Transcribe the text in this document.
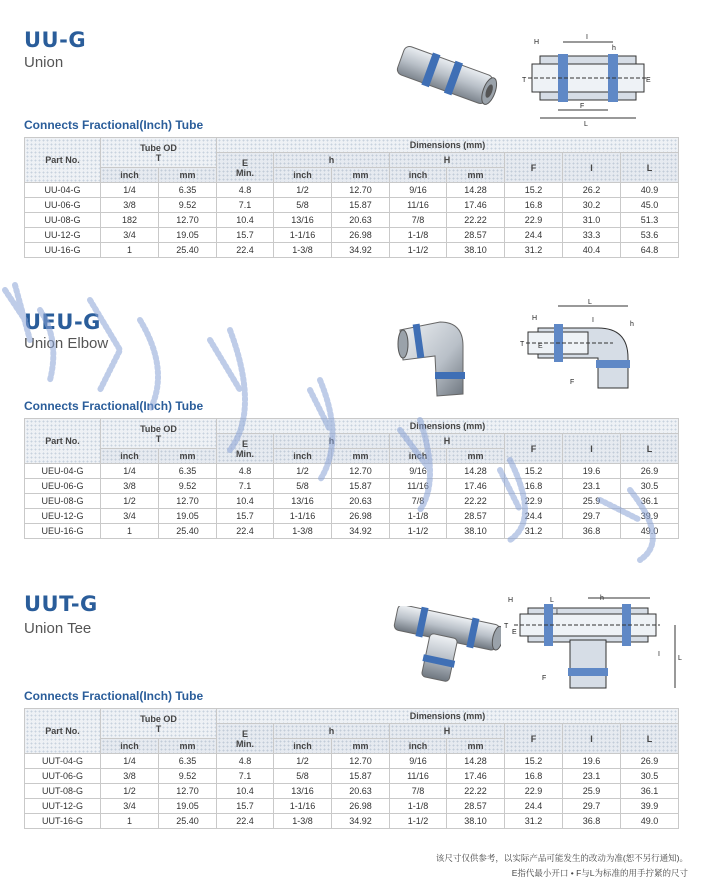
UU-G
Union
Connects Fractional(Inch) Tube
H
I
h
T	E
F
L
Part No.	Tube OD
T		Dimensions (mm)							

			E
Min.	h		H		F	I	L
	inch	mm		inch	mm	inch	mm			
UU-04-G	1/4	6.35	4.8	1/2	12.70	9/16	14.28	15.2	26.2	40.9
UU-06-G	3/8	9.52	7.1	5/8	15.87	11/16	17.46	16.8	30.2	45.0
UU-08-G	182	12.70	10.4	13/16	20.63	7/8	22.22	22.9	31.0	51.3
UU-12-G	3/4	19.05	15.7	1-1/16	26.98	1-1/8	28.57	24.4	33.3	53.6
UU-16-G	1	25.40	22.4	1-3/8	34.92	1-1/2	38.10	31.2	40.4	64.8
UEU-G
Union Elbow
Connects Fractional(Inch) Tube
H
L
I
h
T E
F
Part No.	Tube OD
T		Dimensions (mm)							

			E
Min.	h		H		F	I	L
	inch	mm		inch	mm	inch	mm			
UEU-04-G	1/4	6.35	4.8	1/2	12.70	9/16	14.28	15.2	19.6	26.9
UEU-06-G	3/8	9.52	7.1	5/8	15.87	11/16	17.46	16.8	23.1	30.5
UEU-08-G	1/2	12.70	10.4	13/16	20.63	7/8	22.22	22.9	25.9	36.1
UEU-12-G	3/4	19.05	15.7	1-1/16	26.98	1-1/8	28.57	24.4	29.7	39.9
UEU-16-G	1	25.40	22.4	1-3/8	34.92	1-1/2	38.10	31.2	36.8	49.0
UUT-G
Union Tee
Connects Fractional(Inch) Tube
H	L
I
h
T
E
F
L
I
Part No.	Tube OD
T		Dimensions (mm)							

			E
Min.	h		H		F	I	L
	inch	mm		inch	mm	inch	mm			
UUT-04-G	1/4	6.35	4.8	1/2	12.70	9/16	14.28	15.2	19.6	26.9
UUT-06-G	3/8	9.52	7.1	5/8	15.87	11/16	17.46	16.8	23.1	30.5
UUT-08-G	1/2	12.70	10.4	13/16	20.63	7/8	22.22	22.9	25.9	36.1
UUT-12-G	3/4	19.05	15.7	1-1/16	26.98	1-1/8	28.57	24.4	29.7	39.9
UUT-16-G	1	25.40	22.4	1-3/8	34.92	1-1/2	38.10	31.2	36.8	49.0
该尺寸仅供参考，以实际产品可能发生的改动为准(恕不另行通知)。
E指代最小开口 • F与L为标准的用手拧紧的尺寸
